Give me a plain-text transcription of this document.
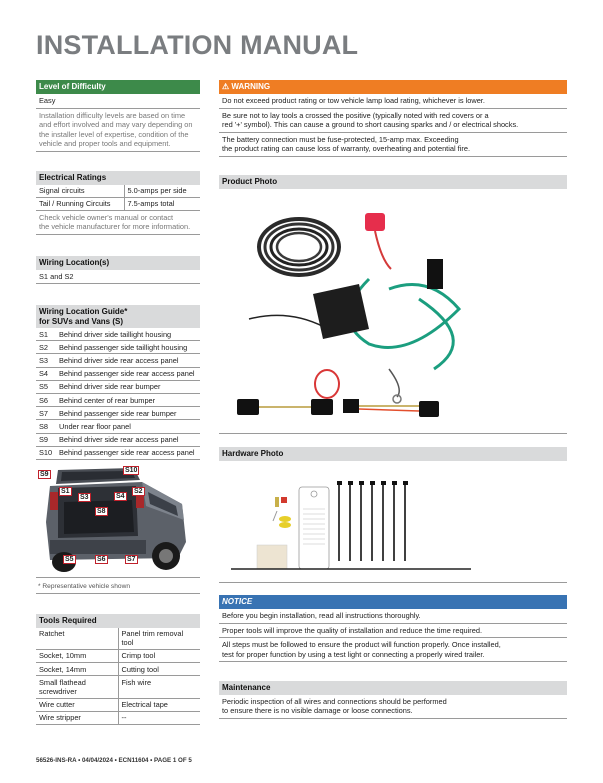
INSTALLATION MANUAL
Level of Difficulty
Easy
Installation difficulty levels are based on time
and effort involved and may vary depending on
the installer level of expertise, condition of the
vehicle and proper tools and equipment.
Electrical Ratings
Signal circuits	5.0-amps per side
Tail / Running Circuits	7.5-amps total
Check vehicle owner's manual or contact
the vehicle manufacturer for more information.
Wiring Location(s)
S1 and S2
Wiring Location Guide*
for SUVs and Vans (S)
S1	Behind driver side taillight housing
S2	Behind passenger side taillight housing
S3	Behind driver side rear access panel
S4	Behind passenger side rear access panel
S5	Behind driver side rear bumper
S6	Behind center of rear bumper
S7	Behind passenger side rear bumper
S8	Under rear floor panel
S9	Behind driver side rear access panel
S10	Behind passenger side rear access panel
S9
S10
S1
S3	S4
S2
S8
S5	S6	S7
* Representative vehicle shown
Tools Required
Ratchet	Panel trim removal tool
Socket, 10mm	Crimp tool
Socket, 14mm	Cutting tool
Small flathead screwdriver	Fish wire
Wire cutter	Electrical tape
Wire stripper	--
⚠ WARNING
Do not exceed product rating or tow vehicle lamp load rating, whichever is lower.
Be sure not to lay tools a crossed the positive (typically noted with red covers or a
red '+' symbol). This can cause a ground to short causing sparks and / or electrical shocks.
The battery connection must be fuse-protected, 15-amp max. Exceeding
the product rating can cause loss of warranty, overheating and potential fire.
Product Photo
Hardware Photo
NOTICE
Before you begin installation, read all instructions thoroughly.
Proper tools will improve the quality of installation and reduce the time required.
All steps must be followed to ensure the product will function properly. Once installed,
test for proper function by using a test light or connecting a properly wired trailer.
Maintenance
Periodic inspection of all wires and connections should be performed
to ensure there is no visible damage or loose connections.
56526-INS-RA • 04/04/2024 • ECN11604 • PAGE 1 OF 5
